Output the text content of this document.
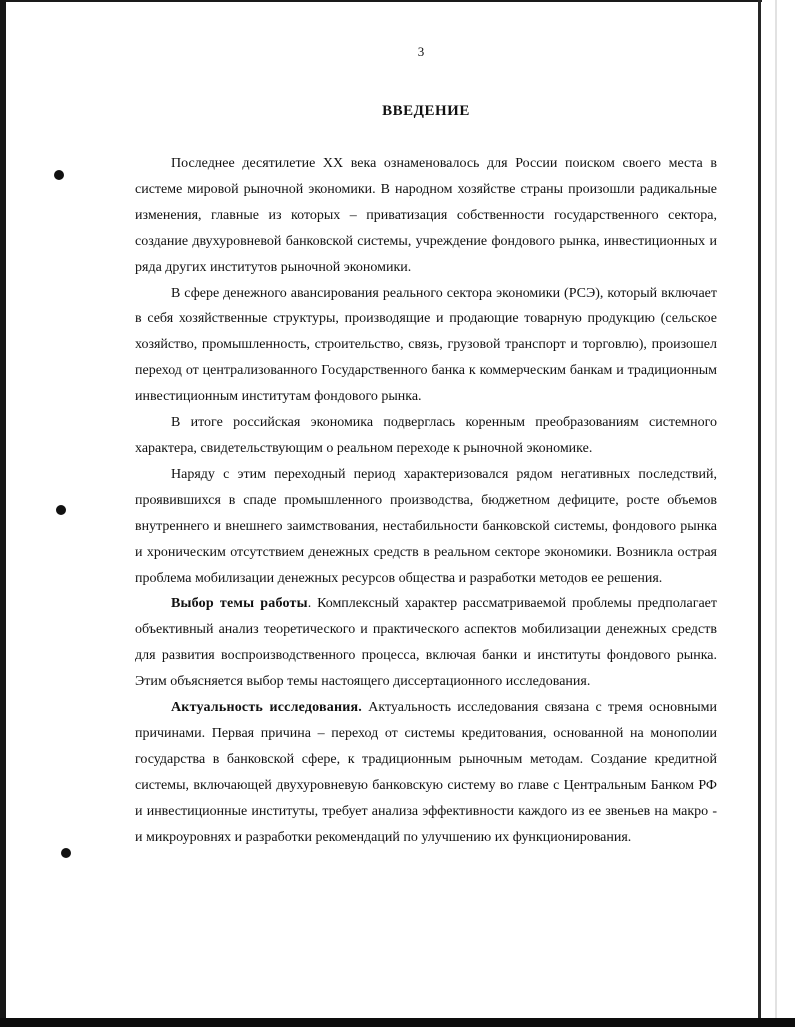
3
ВВЕДЕНИЕ

Последнее десятилетие XX века ознаменовалось для России поиском своего места в системе мировой рыночной экономики. В народном хозяйстве страны произошли радикальные изменения, главные из которых – приватизация собственности государственного сектора, создание двухуровневой банковской системы, учреждение фондового рынка, инвестиционных и ряда других институтов рыночной экономики.

В сфере денежного авансирования реального сектора экономики (РСЭ), который включает в себя хозяйственные структуры, производящие и продающие товарную продукцию (сельское хозяйство, промышленность, строительство, связь, грузовой транспорт и торговлю), произошел переход от централизованного Государственного банка к коммерческим банкам и традиционным инвестиционным институтам фондового рынка.

В итоге российская экономика подверглась коренным преобразованиям системного характера, свидетельствующим о реальном переходе к рыночной экономике.

Наряду с этим переходный период характеризовался рядом негативных последствий, проявившихся в спаде промышленного производства, бюджетном дефиците, росте объемов внутреннего и внешнего заимствования, нестабильности банковской системы, фондового рынка и хроническим отсутствием денежных средств в реальном секторе экономики. Возникла острая проблема мобилизации денежных ресурсов общества и разработки методов ее решения.

Выбор темы работы. Комплексный характер рассматриваемой проблемы предполагает объективный анализ теоретического и практического аспектов мобилизации денежных средств для развития воспроизводственного процесса, включая банки и институты фондового рынка. Этим объясняется выбор темы настоящего диссертационного исследования.

Актуальность исследования. Актуальность исследования связана с тремя основными причинами. Первая причина – переход от системы кредитования, основанной на монополии государства в банковской сфере, к традиционным рыночным методам. Создание кредитной системы, включающей двухуровневую банковскую систему во главе с Центральным Банком РФ и инвестиционные институты, требует анализа эффективности каждого из ее звеньев на макро - и микроуровнях и разработки рекомендаций по улучшению их функционирования.
